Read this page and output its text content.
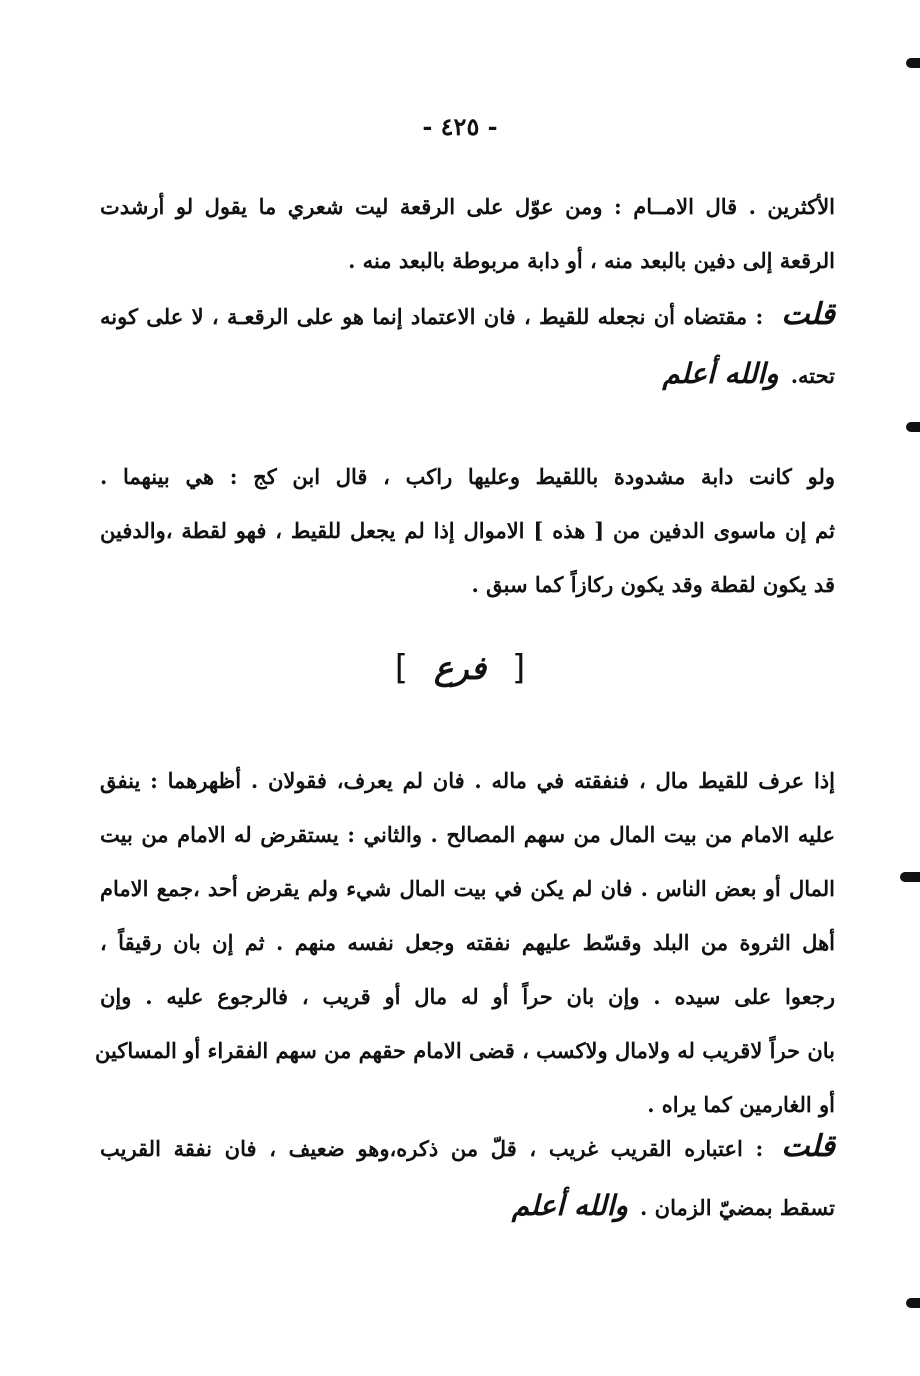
- ٤٢٥ -
الأكثرين . قال الامــام : ومن عوّل على الرقعة ليت شعري ما يقول لو أرشدت
الرقعة إلى دفين بالبعد منه ، أو دابة مربوطة بالبعد منه .
قلت: مقتضاه أن نجعله للقيط ، فان الاعتماد إنما هو على الرقعـة ، لا على كونه
تحته.والله أعلم
ولو كانت دابة مشدودة باللقيط وعليها راكب ، قال ابن كج : هي بينهما .
ثم إن ماسوى الدفين من [ هذه ] الاموال إذا لم يجعل للقيط ، فهو لقطة ،والدفين
قد يكون لقطة وقد يكون ركازاً كما سبق .
[فرع]
إذا عرف للقيط مال ، فنفقته في ماله . فان لم يعرف، فقولان . أظهرهما : ينفق
عليه الامام من بيت المال من سهم المصالح . والثاني : يستقرض له الامام من بيت
المال أو بعض الناس . فان لم يكن في بيت المال شيء ولم يقرض أحد ،جمع الامام
أهل الثروة من البلد وقسّط عليهم نفقته وجعل نفسه منهم . ثم إن بان رقيقاً ،
رجعوا على سيده . وإن بان حراً أو له مال أو قريب ، فالرجوع عليه . وإن
بان حراً لاقريب له ولامال ولاكسب ، قضى الامام حقهم من سهم الفقراء أو المساكين
أو الغارمين كما يراه .
قلت: اعتباره القريب غريب ، قلّ من ذكره،وهو ضعيف ، فان نفقة القريب
تسقط بمضيّ الزمان .والله أعلم
